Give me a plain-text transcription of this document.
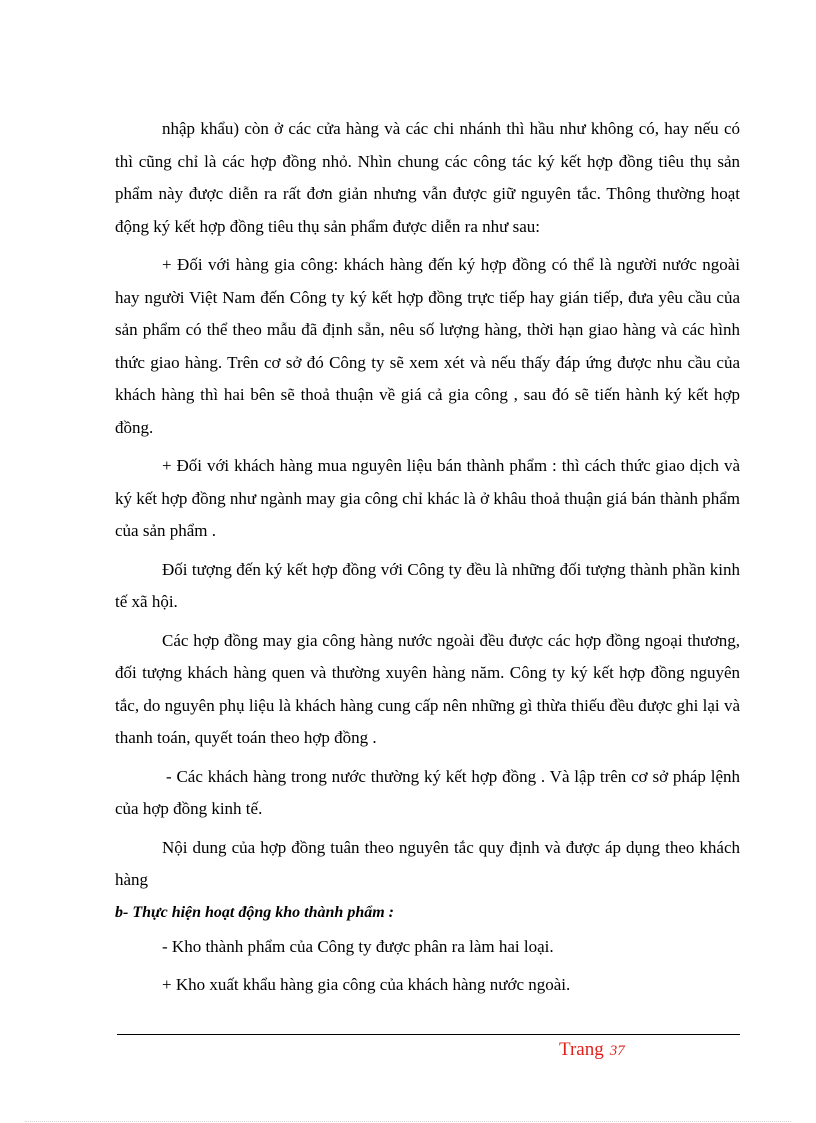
nhập khẩu) còn ở các cửa hàng và các chi nhánh thì hầu như không có, hay nếu có thì cũng chỉ là các hợp đồng nhỏ. Nhìn chung các công tác ký kết hợp đồng tiêu thụ sản phẩm này được diễn ra rất đơn giản nhưng vẫn được giữ nguyên tắc. Thông thường hoạt động ký kết hợp đồng tiêu thụ sản phẩm được diễn ra như sau:

+ Đối với hàng gia công: khách hàng đến ký hợp đồng có thể là người nước ngoài hay người Việt Nam đến Công ty ký kết hợp đồng trực tiếp hay gián tiếp, đưa yêu cầu của sản phẩm có thể theo mẫu đã định sẵn, nêu số lượng hàng, thời hạn giao hàng và các hình thức giao hàng. Trên cơ sở đó Công ty sẽ xem xét và nếu thấy đáp ứng được nhu cầu của khách hàng thì hai bên sẽ thoả thuận về giá cả gia công , sau đó sẽ tiến hành ký kết hợp đồng.

+ Đối với khách hàng mua nguyên liệu bán thành phẩm : thì cách thức giao dịch và ký kết hợp đồng như ngành may gia công chỉ khác là ở khâu thoả thuận giá bán thành phẩm của sản phẩm .

Đối tượng đến ký kết hợp đồng với Công ty đều là những đối tượng thành phần kinh tế xã hội.

Các hợp đồng may gia công hàng nước ngoài đều được các hợp đồng ngoại thương, đối tượng khách hàng quen và thường xuyên hàng năm. Công ty ký kết hợp đồng nguyên tắc, do nguyên phụ liệu là khách hàng cung cấp nên những gì thừa thiếu đều được ghi lại và thanh toán, quyết toán theo hợp đồng .

- Các khách hàng trong nước thường ký kết hợp đồng . Và lập trên cơ sở pháp lệnh của hợp đồng kinh tế.

Nội dung của hợp đồng tuân theo nguyên tắc quy định và được áp dụng theo khách hàng

b- Thực hiện hoạt động kho thành phẩm :

- Kho thành phẩm của Công ty được phân ra làm hai loại.

+ Kho xuất khẩu hàng gia công của khách hàng nước ngoài.

Trang 37
